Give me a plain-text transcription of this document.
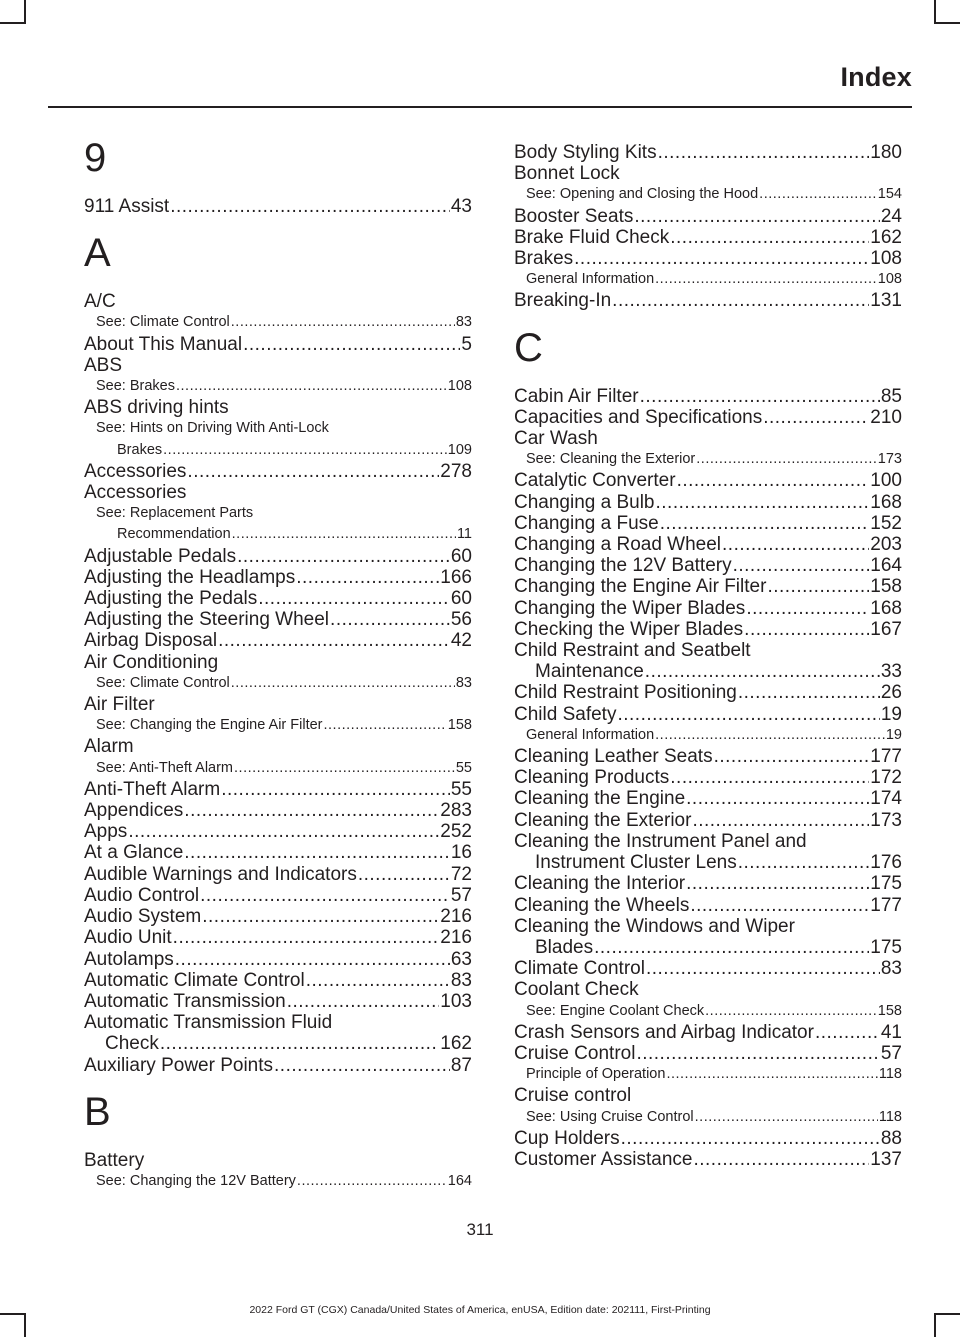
Index
9
911 Assist .....	43
A
A/C
See: Climate Control .....	83
About This Manual .....	5
ABS
See: Brakes .....	108
ABS driving hints
See: Hints on Driving With Anti-Lock
Brakes .....	109
Accessories .....	278
Accessories
See: Replacement Parts
Recommendation .....	11
Adjustable Pedals .....	60
Adjusting the Headlamps .....	166
Adjusting the Pedals .....	60
Adjusting the Steering Wheel .....	56
Airbag Disposal .....	42
Air Conditioning
See: Climate Control .....	83
Air Filter
See: Changing the Engine Air Filter .....	158
Alarm
See: Anti-Theft Alarm .....	55
Anti-Theft Alarm .....	55
Appendices .....	283
Apps .....	252
At a Glance .....	16
Audible Warnings and Indicators .....	72
Audio Control .....	57
Audio System .....	216
Audio Unit .....	216
Autolamps .....	63
Automatic Climate Control .....	83
Automatic Transmission .....	103
Automatic Transmission Fluid
Check .....	162
Auxiliary Power Points .....	87
B
Battery
See: Changing the 12V Battery .....	164
Body Styling Kits .....	180
Bonnet Lock
See: Opening and Closing the Hood .....	154
Booster Seats .....	24
Brake Fluid Check .....	162
Brakes .....	108
General Information .....	108
Breaking-In .....	131
C
Cabin Air Filter .....	85
Capacities and Specifications .....	210
Car Wash
See: Cleaning the Exterior .....	173
Catalytic Converter .....	100
Changing a Bulb .....	168
Changing a Fuse .....	152
Changing a Road Wheel .....	203
Changing the 12V Battery .....	164
Changing the Engine Air Filter .....	158
Changing the Wiper Blades .....	168
Checking the Wiper Blades .....	167
Child Restraint and Seatbelt
Maintenance .....	33
Child Restraint Positioning .....	26
Child Safety .....	19
General Information .....	19
Cleaning Leather Seats .....	177
Cleaning Products .....	172
Cleaning the Engine .....	174
Cleaning the Exterior .....	173
Cleaning the Instrument Panel and
Instrument Cluster Lens .....	176
Cleaning the Interior .....	175
Cleaning the Wheels .....	177
Cleaning the Windows and Wiper
Blades .....	175
Climate Control .....	83
Coolant Check
See: Engine Coolant Check .....	158
Crash Sensors and Airbag Indicator .....	41
Cruise Control .....	57
Principle of Operation .....	118
Cruise control
See: Using Cruise Control .....	118
Cup Holders .....	88
Customer Assistance .....	137
311
2022 Ford GT (CGX) Canada/United States of America, enUSA, Edition date: 202111, First-Printing
